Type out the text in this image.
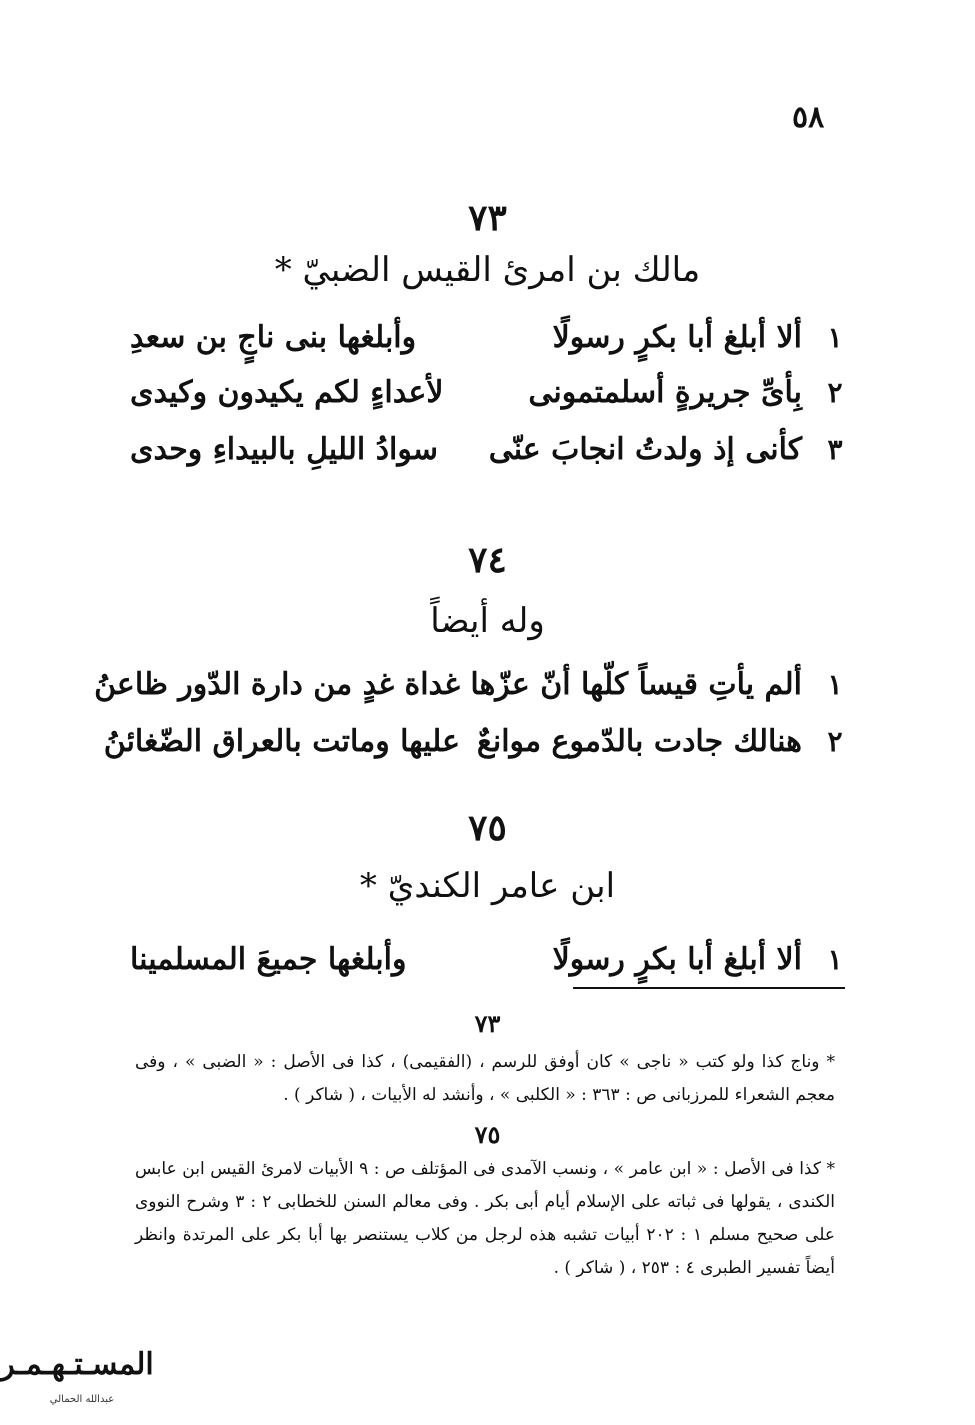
٥٨
٧٣
مالك بن امرئ القيس الضبيّ *
١
ألا أبلغ أبا بكرٍ رسولًا
وأبلغها بنى ناجٍ بن سعدِ
٢
بِأىِّ جريرةٍ أسلمتمونى
لأعداءٍ لكم يكيدون وكيدى
٣
كأنى إذ ولدتُ انجابَ عنّى
سوادُ الليلِ بالبيداءِ وحدى
٧٤
وله أيضاً
١
ألم يأتِ قيساً كلّها أنّ عزّها
غداة غدٍ من دارة الدّور ظاعنُ
٢
هنالك جادت بالدّموع موانعٌ
عليها وماتت بالعراق الضّغائنُ
٧٥
ابن عامر الكنديّ *
١
ألا أبلغ أبا بكرٍ رسولًا
وأبلغها جميعَ المسلمينا
٧٣
* وناج كذا ولو كتب « ناجى » كان أوفق للرسم ، (الفقيمى) ، كذا فى الأصل : « الضبى » ، وفى معجم الشعراء للمرزبانى ص : ٣٦٣ : « الكلبى » ، وأنشد له الأبيات ، ( شاكر ) .
٧٥
* كذا فى الأصل : « ابن عامر » ، ونسب الآمدى فى المؤتلف ص : ٩ الأبيات لامرئ القيس ابن عابس الكندى ، يقولها فى ثباته على الإسلام أيام أبى بكر . وفى معالم السنن للخطابى ٢ : ٣ وشرح النووى على صحيح مسلم ١ : ٢٠٢ أبيات تشبه هذه لرجل من كلاب يستنصر بها أبا بكر على المرتدة وانظر أيضاً تفسير الطبرى ٤ : ٢٥٣ ، ( شاكر ) .
المسـتـهـمـر
عبدالله الحمالي
